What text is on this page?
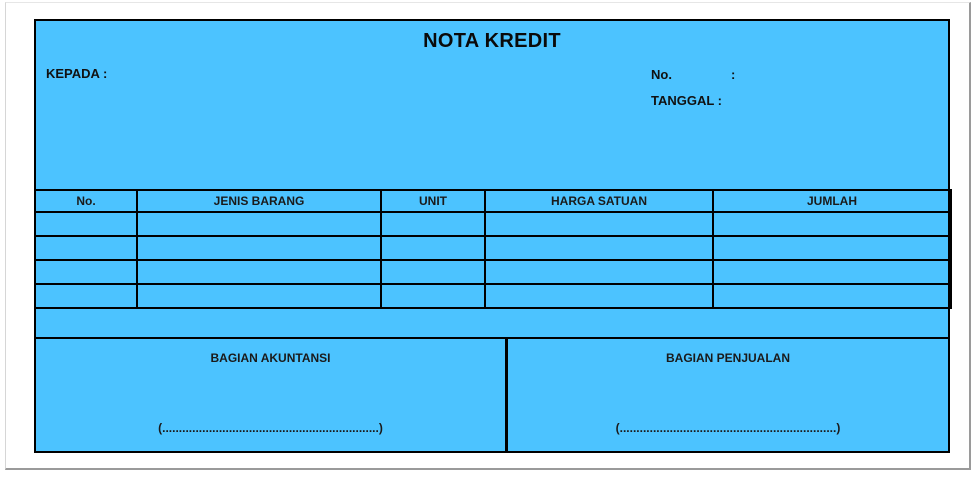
NOTA KREDIT
KEPADA :	No.	:
TANGGAL :
No.	JENIS BARANG	UNIT	HARGA SATUAN	JUMLAH

BAGIAN AKUNTANSI
(.................................................................)
BAGIAN PENJUALAN
(.................................................................)
